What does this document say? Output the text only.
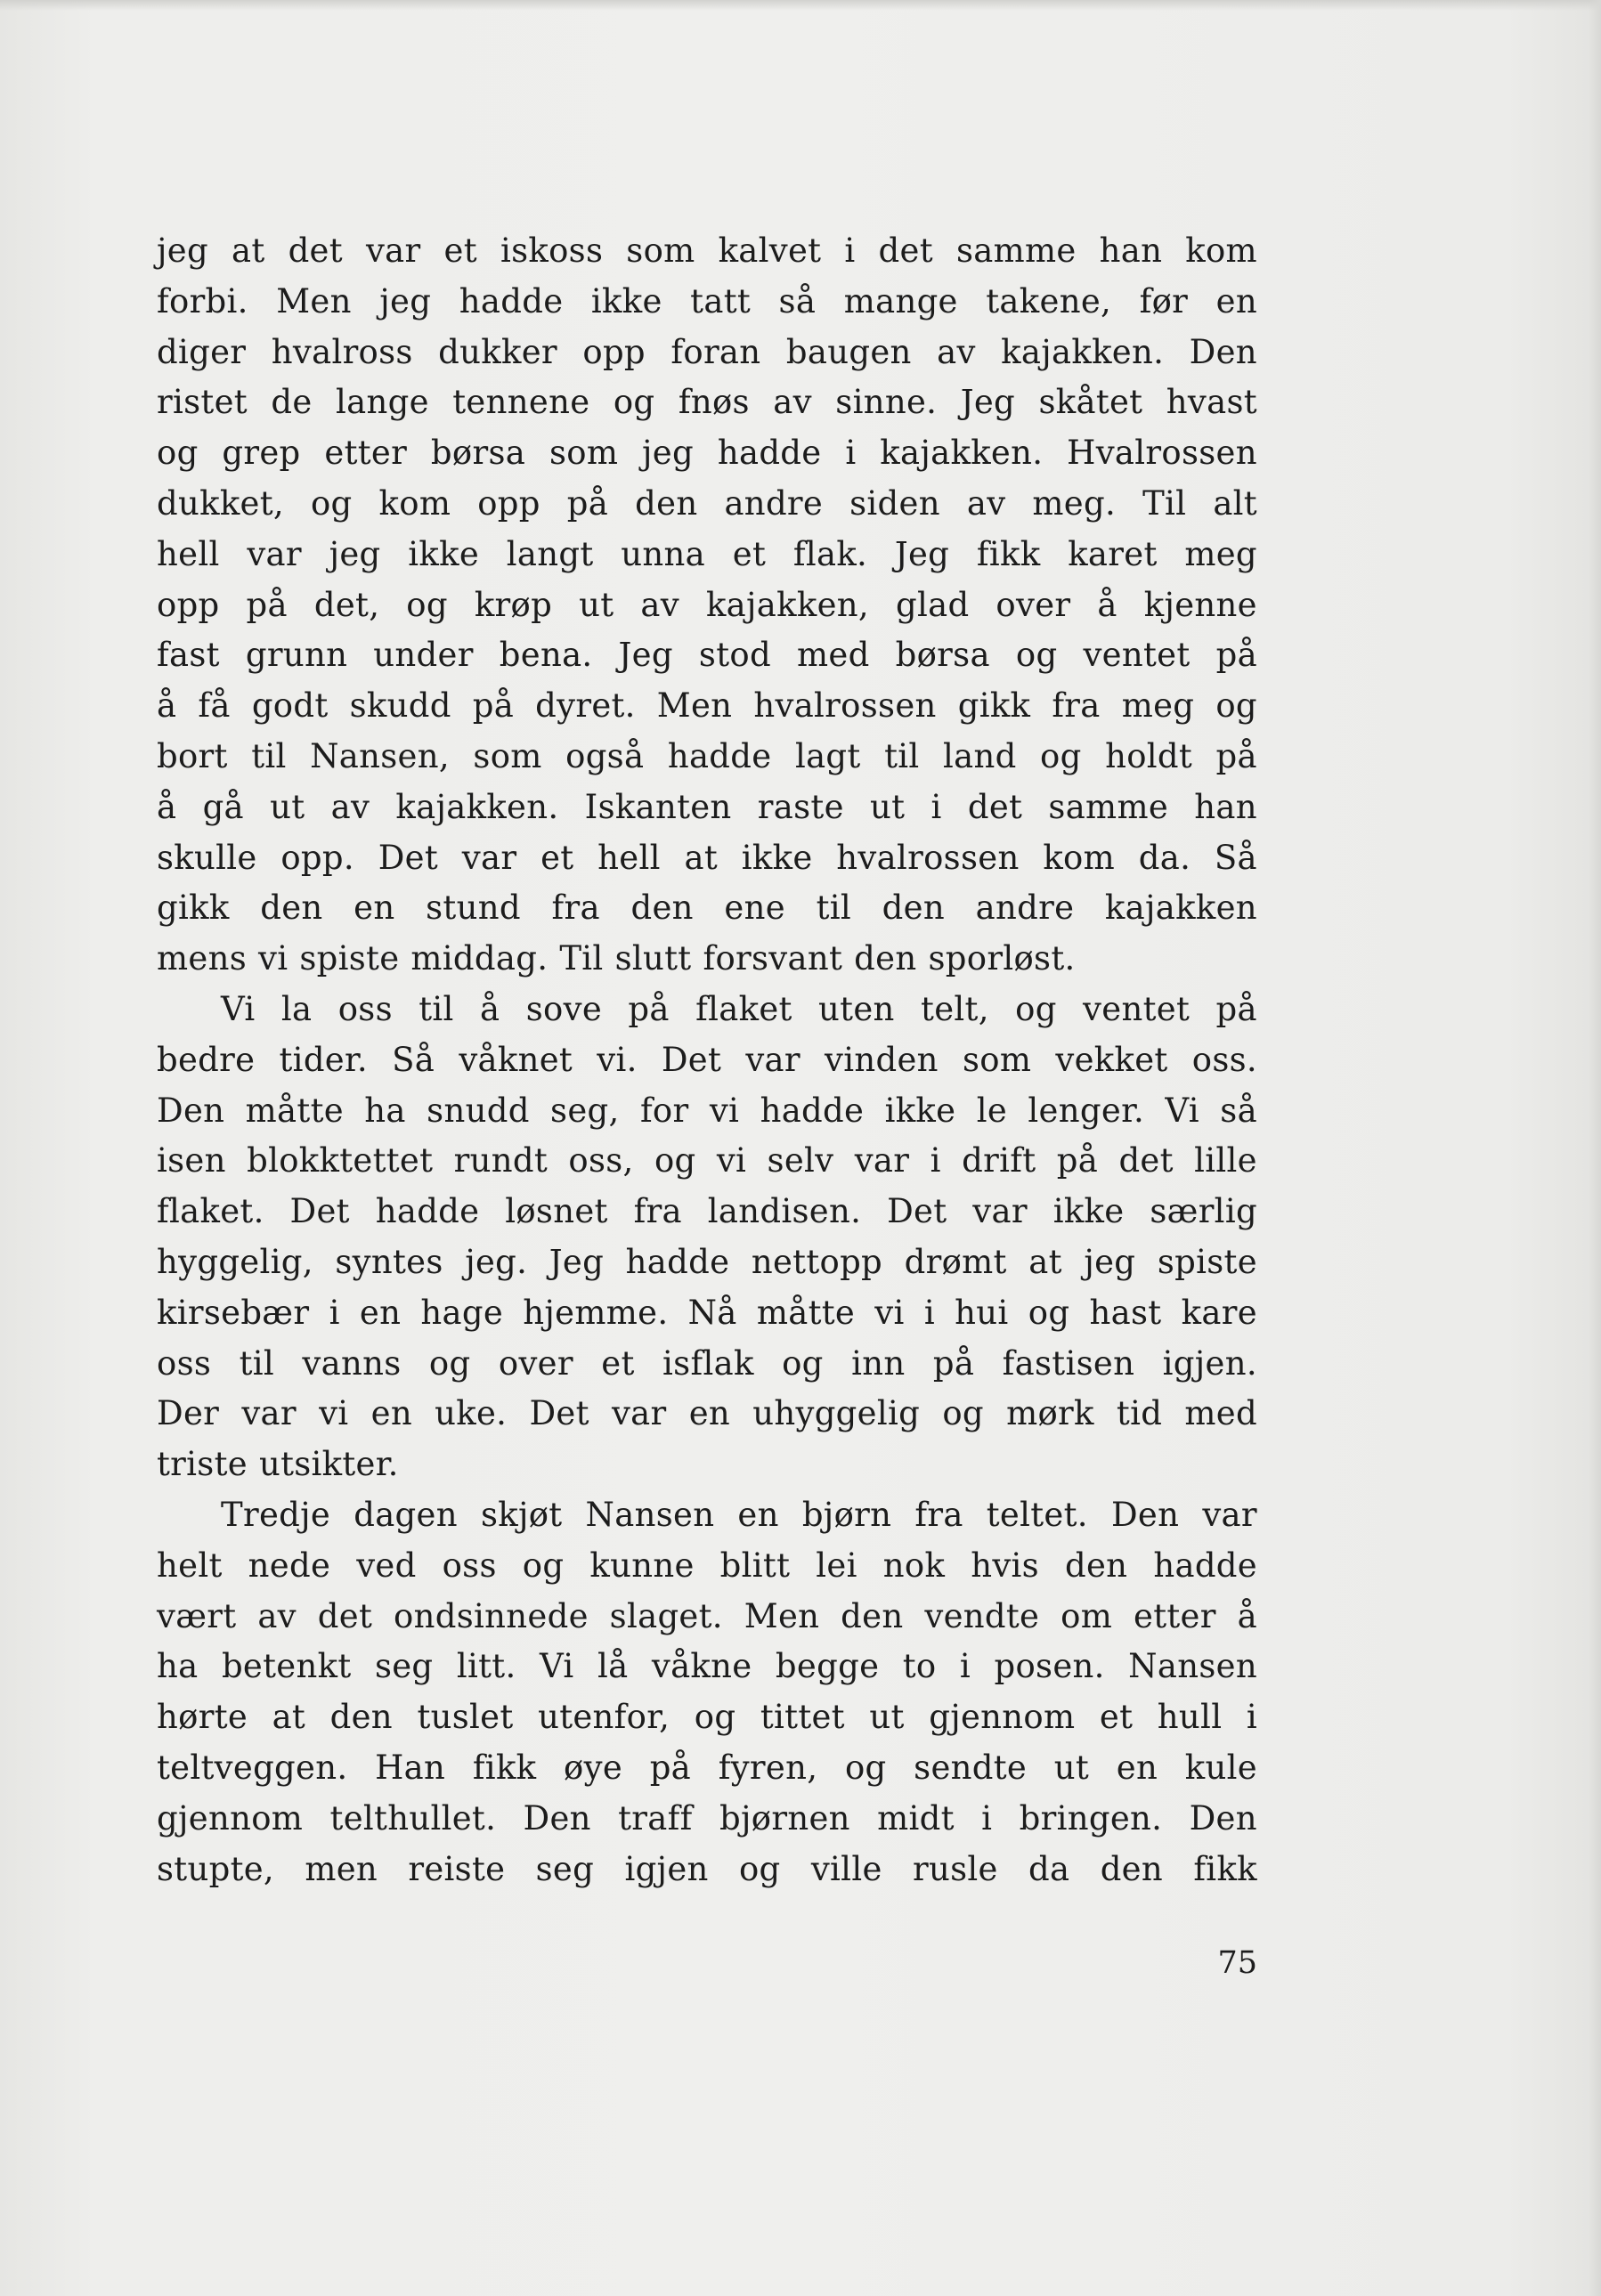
jeg at det var et iskoss som kalvet i det samme han kom
forbi. Men jeg hadde ikke tatt så mange takene, før en
diger hvalross dukker opp foran baugen av kajakken. Den
ristet de lange tennene og fnøs av sinne. Jeg skåtet hvast
og grep etter børsa som jeg hadde i kajakken. Hvalrossen
dukket, og kom opp på den andre siden av meg. Til alt
hell var jeg ikke langt unna et flak. Jeg fikk karet meg
opp på det, og krøp ut av kajakken, glad over å kjenne
fast grunn under bena. Jeg stod med børsa og ventet på
å få godt skudd på dyret. Men hvalrossen gikk fra meg og
bort til Nansen, som også hadde lagt til land og holdt på
å gå ut av kajakken. Iskanten raste ut i det samme han
skulle opp. Det var et hell at ikke hvalrossen kom da. Så
gikk den en stund fra den ene til den andre kajakken
mens vi spiste middag. Til slutt forsvant den sporløst.
Vi la oss til å sove på flaket uten telt, og ventet på
bedre tider. Så våknet vi. Det var vinden som vekket oss.
Den måtte ha snudd seg, for vi hadde ikke le lenger. Vi så
isen blokktettet rundt oss, og vi selv var i drift på det lille
flaket. Det hadde løsnet fra landisen. Det var ikke særlig
hyggelig, syntes jeg. Jeg hadde nettopp drømt at jeg spiste
kirsebær i en hage hjemme. Nå måtte vi i hui og hast kare
oss til vanns og over et isflak og inn på fastisen igjen.
Der var vi en uke. Det var en uhyggelig og mørk tid med
triste utsikter.
Tredje dagen skjøt Nansen en bjørn fra teltet. Den var
helt nede ved oss og kunne blitt lei nok hvis den hadde
vært av det ondsinnede slaget. Men den vendte om etter å
ha betenkt seg litt. Vi lå våkne begge to i posen. Nansen
hørte at den tuslet utenfor, og tittet ut gjennom et hull i
teltveggen. Han fikk øye på fyren, og sendte ut en kule
gjennom telthullet. Den traff bjørnen midt i bringen. Den
stupte, men reiste seg igjen og ville rusle da den fikk
75
